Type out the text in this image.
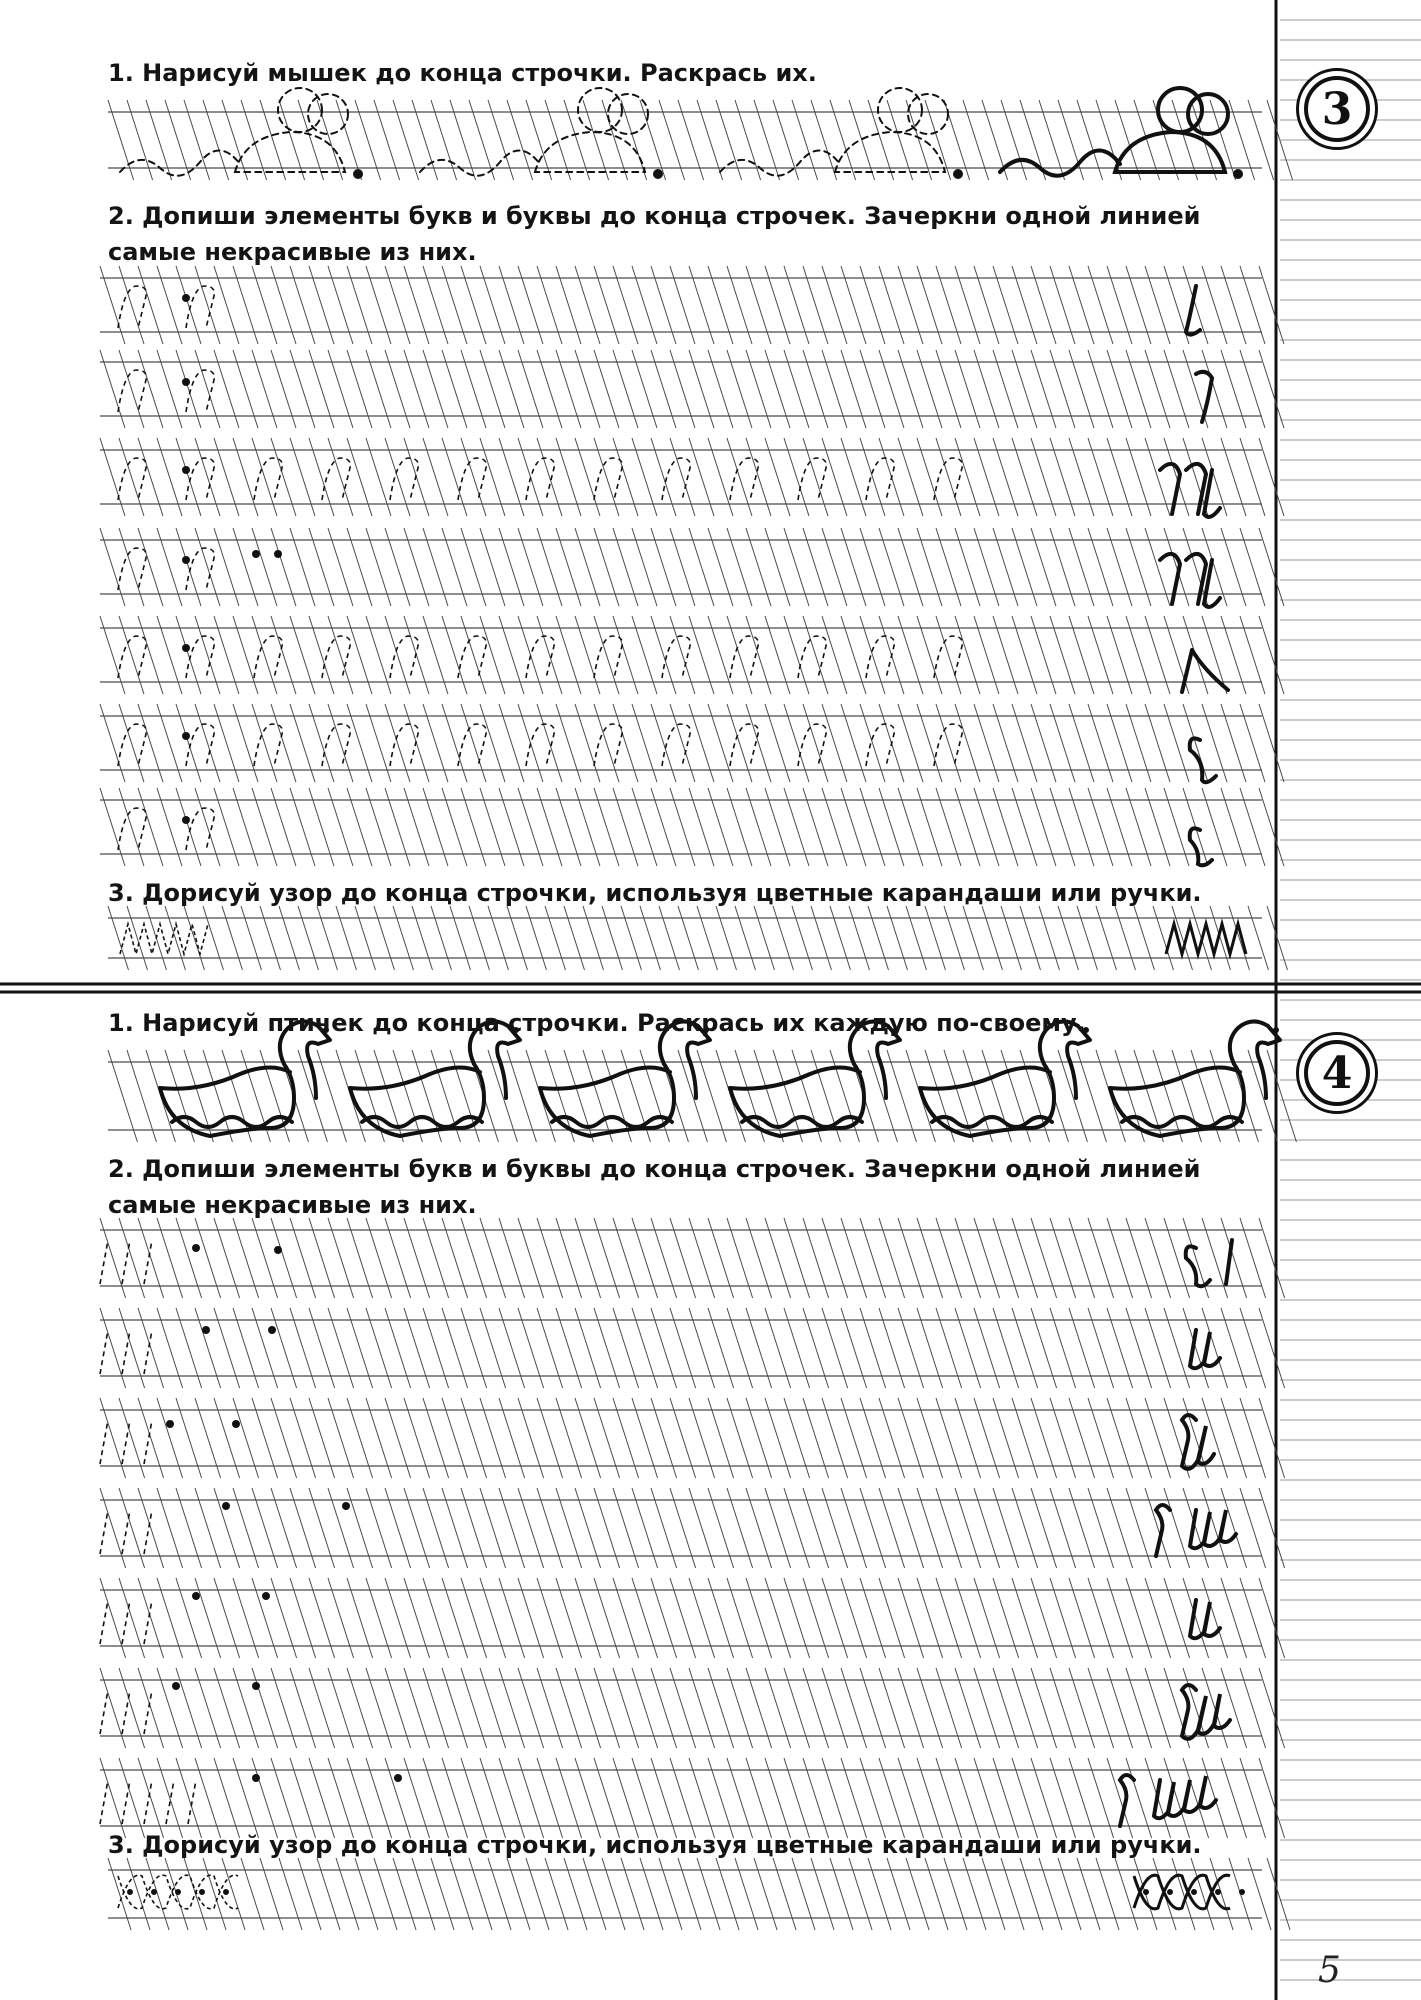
1. Нарисуй мышек до конца строчки. Раскрась их.

2. Допиши элементы букв и буквы до конца строчек. Зачеркни одной линией

самые некрасивые из них.

3. Дорисуй узор до конца строчки, используя цветные карандаши или ручки.

3

1. Нарисуй птичек до конца строчки. Раскрась их каждую по-своему.

2. Допиши элементы букв и буквы до конца строчек. Зачеркни одной линией

самые некрасивые из них.

3. Дорисуй узор до конца строчки, используя цветные карандаши или ручки.

4
5
